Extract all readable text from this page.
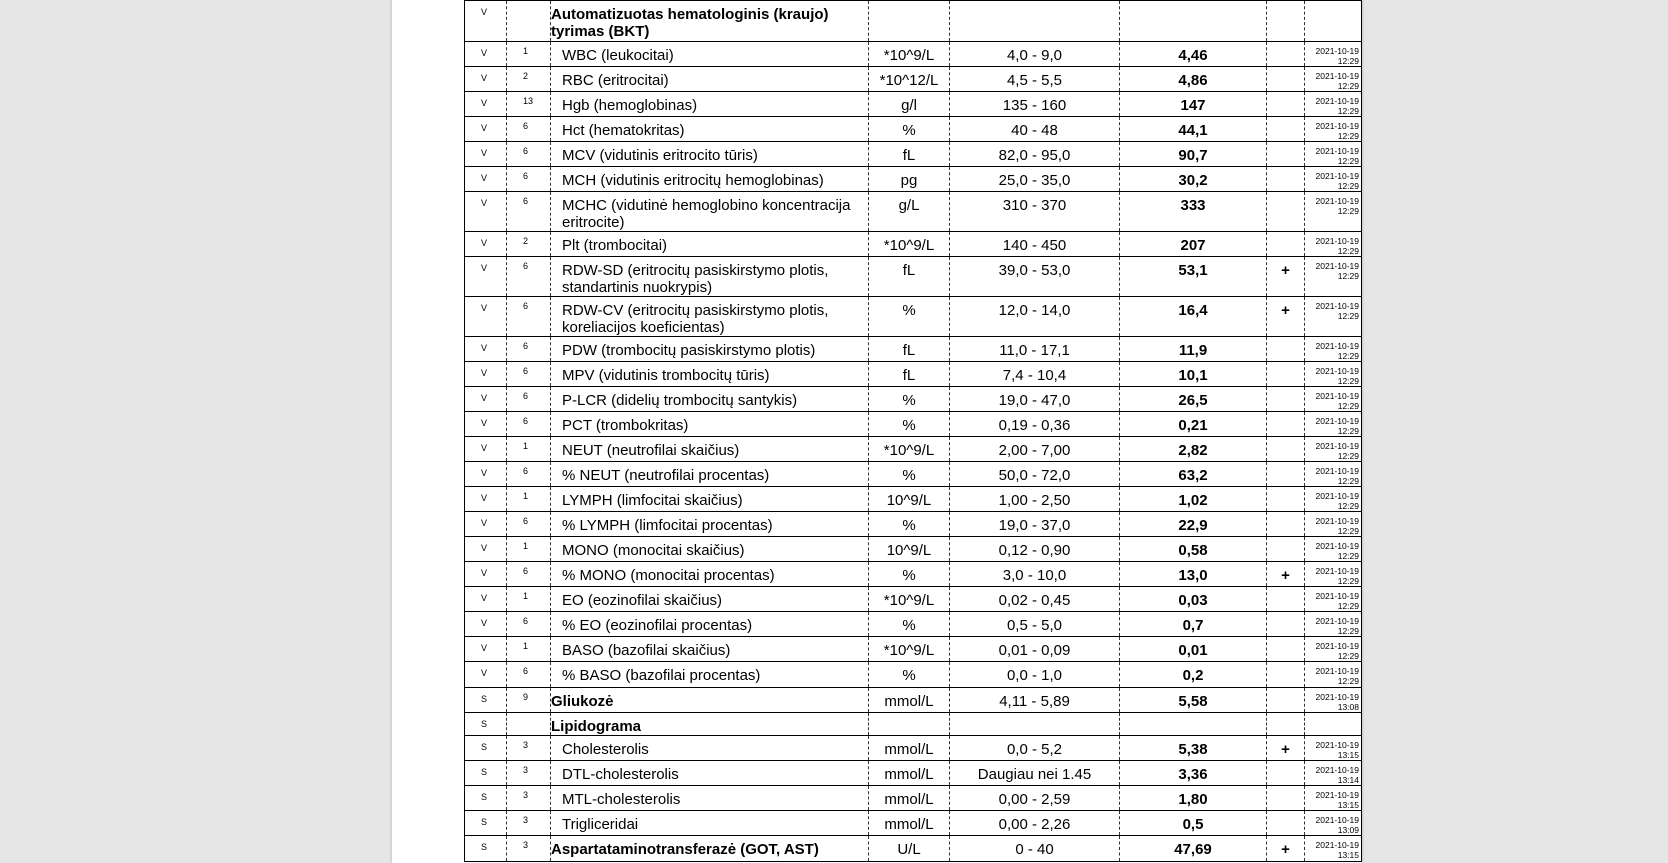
V		Automatizuotas hematologinis (kraujo) tyrimas (BKT)					

V	1	WBC (leukocitai)	*10^9/L	4,0 - 9,0	4,46		2021-10-19
12:29

V	2	RBC (eritrocitai)	*10^12/L	4,5 - 5,5	4,86		2021-10-19
12:29

V	13	Hgb (hemoglobinas)	g/l	135 - 160	147		2021-10-19
12:29

V	6	Hct (hematokritas)	%	40 - 48	44,1		2021-10-19
12:29

V	6	MCV (vidutinis eritrocito tūris)	fL	82,0 - 95,0	90,7		2021-10-19
12:29

V	6	MCH (vidutinis eritrocitų hemoglobinas)	pg	25,0 - 35,0	30,2		2021-10-19
12:29

V	6	MCHC (vidutinė hemoglobino koncentracija eritrocite)	g/L	310 - 370	333		2021-10-19
12:29

V	2	Plt (trombocitai)	*10^9/L	140 - 450	207		2021-10-19
12:29

V	6	RDW-SD (eritrocitų pasiskirstymo plotis, standartinis nuokrypis)	fL	39,0 - 53,0	53,1	+	2021-10-19
12:29

V	6	RDW-CV (eritrocitų pasiskirstymo plotis, koreliacijos koeficientas)	%	12,0 - 14,0	16,4	+	2021-10-19
12:29

V	6	PDW (trombocitų pasiskirstymo plotis)	fL	11,0 - 17,1	11,9		2021-10-19
12:29

V	6	MPV (vidutinis trombocitų tūris)	fL	7,4 - 10,4	10,1		2021-10-19
12:29

V	6	P-LCR (didelių trombocitų santykis)	%	19,0 - 47,0	26,5		2021-10-19
12:29

V	6	PCT (trombokritas)	%	0,19 - 0,36	0,21		2021-10-19
12:29

V	1	NEUT (neutrofilai skaičius)	*10^9/L	2,00 - 7,00	2,82		2021-10-19
12:29

V	6	% NEUT (neutrofilai procentas)	%	50,0 - 72,0	63,2		2021-10-19
12:29

V	1	LYMPH (limfocitai skaičius)	10^9/L	1,00 - 2,50	1,02		2021-10-19
12:29

V	6	% LYMPH (limfocitai procentas)	%	19,0 - 37,0	22,9		2021-10-19
12:29

V	1	MONO (monocitai skaičius)	10^9/L	0,12 - 0,90	0,58		2021-10-19
12:29

V	6	% MONO (monocitai procentas)	%	3,0 - 10,0	13,0	+	2021-10-19
12:29

V	1	EO (eozinofilai skaičius)	*10^9/L	0,02 - 0,45	0,03		2021-10-19
12:29

V	6	% EO (eozinofilai procentas)	%	0,5 - 5,0	0,7		2021-10-19
12:29

V	1	BASO (bazofilai skaičius)	*10^9/L	0,01 - 0,09	0,01		2021-10-19
12:29

V	6	% BASO (bazofilai procentas)	%	0,0 - 1,0	0,2		2021-10-19
12:29

S	9	Gliukozė	mmol/L	4,11 - 5,89	5,58		2021-10-19
13:08

S		Lipidograma					

S	3	Cholesterolis	mmol/L	0,0 - 5,2	5,38	+	2021-10-19
13:15

S	3	DTL-cholesterolis	mmol/L	Daugiau nei 1.45	3,36		2021-10-19
13:14

S	3	MTL-cholesterolis	mmol/L	0,00 - 2,59	1,80		2021-10-19
13:15

S	3	Trigliceridai	mmol/L	0,00 - 2,26	0,5		2021-10-19
13:09

S	3	Aspartataminotransferazė (GOT, AST)	U/L	0 - 40	47,69	+	2021-10-19
13:15
